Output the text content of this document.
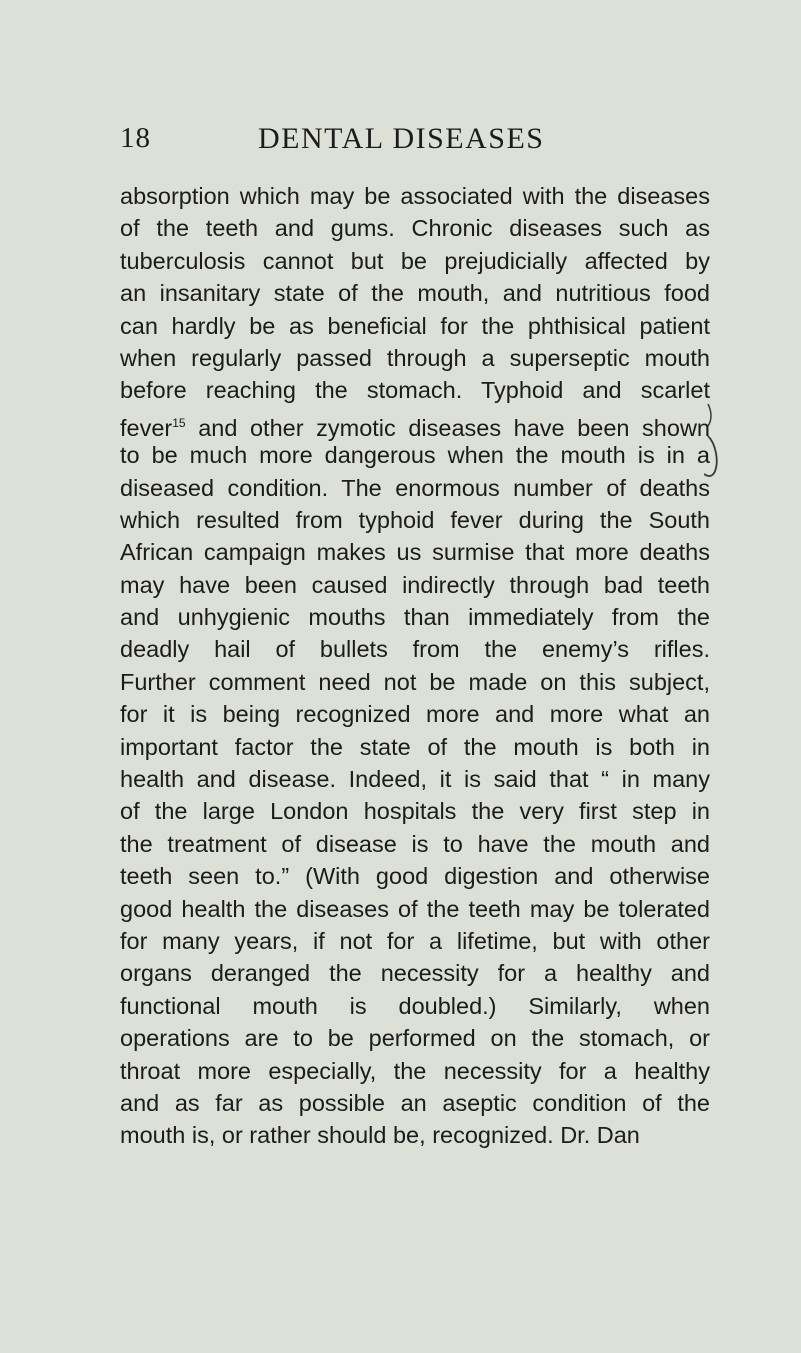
18	DENTAL DISEASES
absorption which may be associated with the diseases
of the teeth and gums. Chronic diseases such as
tuberculosis cannot but be prejudicially affected by
an insanitary state of the mouth, and nutritious food
can hardly be as beneficial for the phthisical patient
when regularly passed through a superseptic mouth
before reaching the stomach. Typhoid and scarlet
fever$^{15}$ and other zymotic diseases have been shown
to be much more dangerous when the mouth is in a
diseased condition. The enormous number of deaths
which resulted from typhoid fever during the South
African campaign makes us surmise that more deaths
may have been caused indirectly through bad teeth
and unhygienic mouths than immediately from the
deadly hail of bullets from the enemy’s rifles.
Further comment need not be made on this subject,
for it is being recognized more and more what an
important factor the state of the mouth is both in
health and disease. Indeed, it is said that “ in many
of the large London hospitals the very first step in
the treatment of disease is to have the mouth and
teeth seen to.” (With good digestion and otherwise
good health the diseases of the teeth may be tolerated
for many years, if not for a lifetime, but with other
organs deranged the necessity for a healthy and
functional mouth is doubled.) Similarly, when
operations are to be performed on the stomach, or
throat more especially, the necessity for a healthy
and as far as possible an aseptic condition of the
mouth is, or rather should be, recognized. Dr. Dan
